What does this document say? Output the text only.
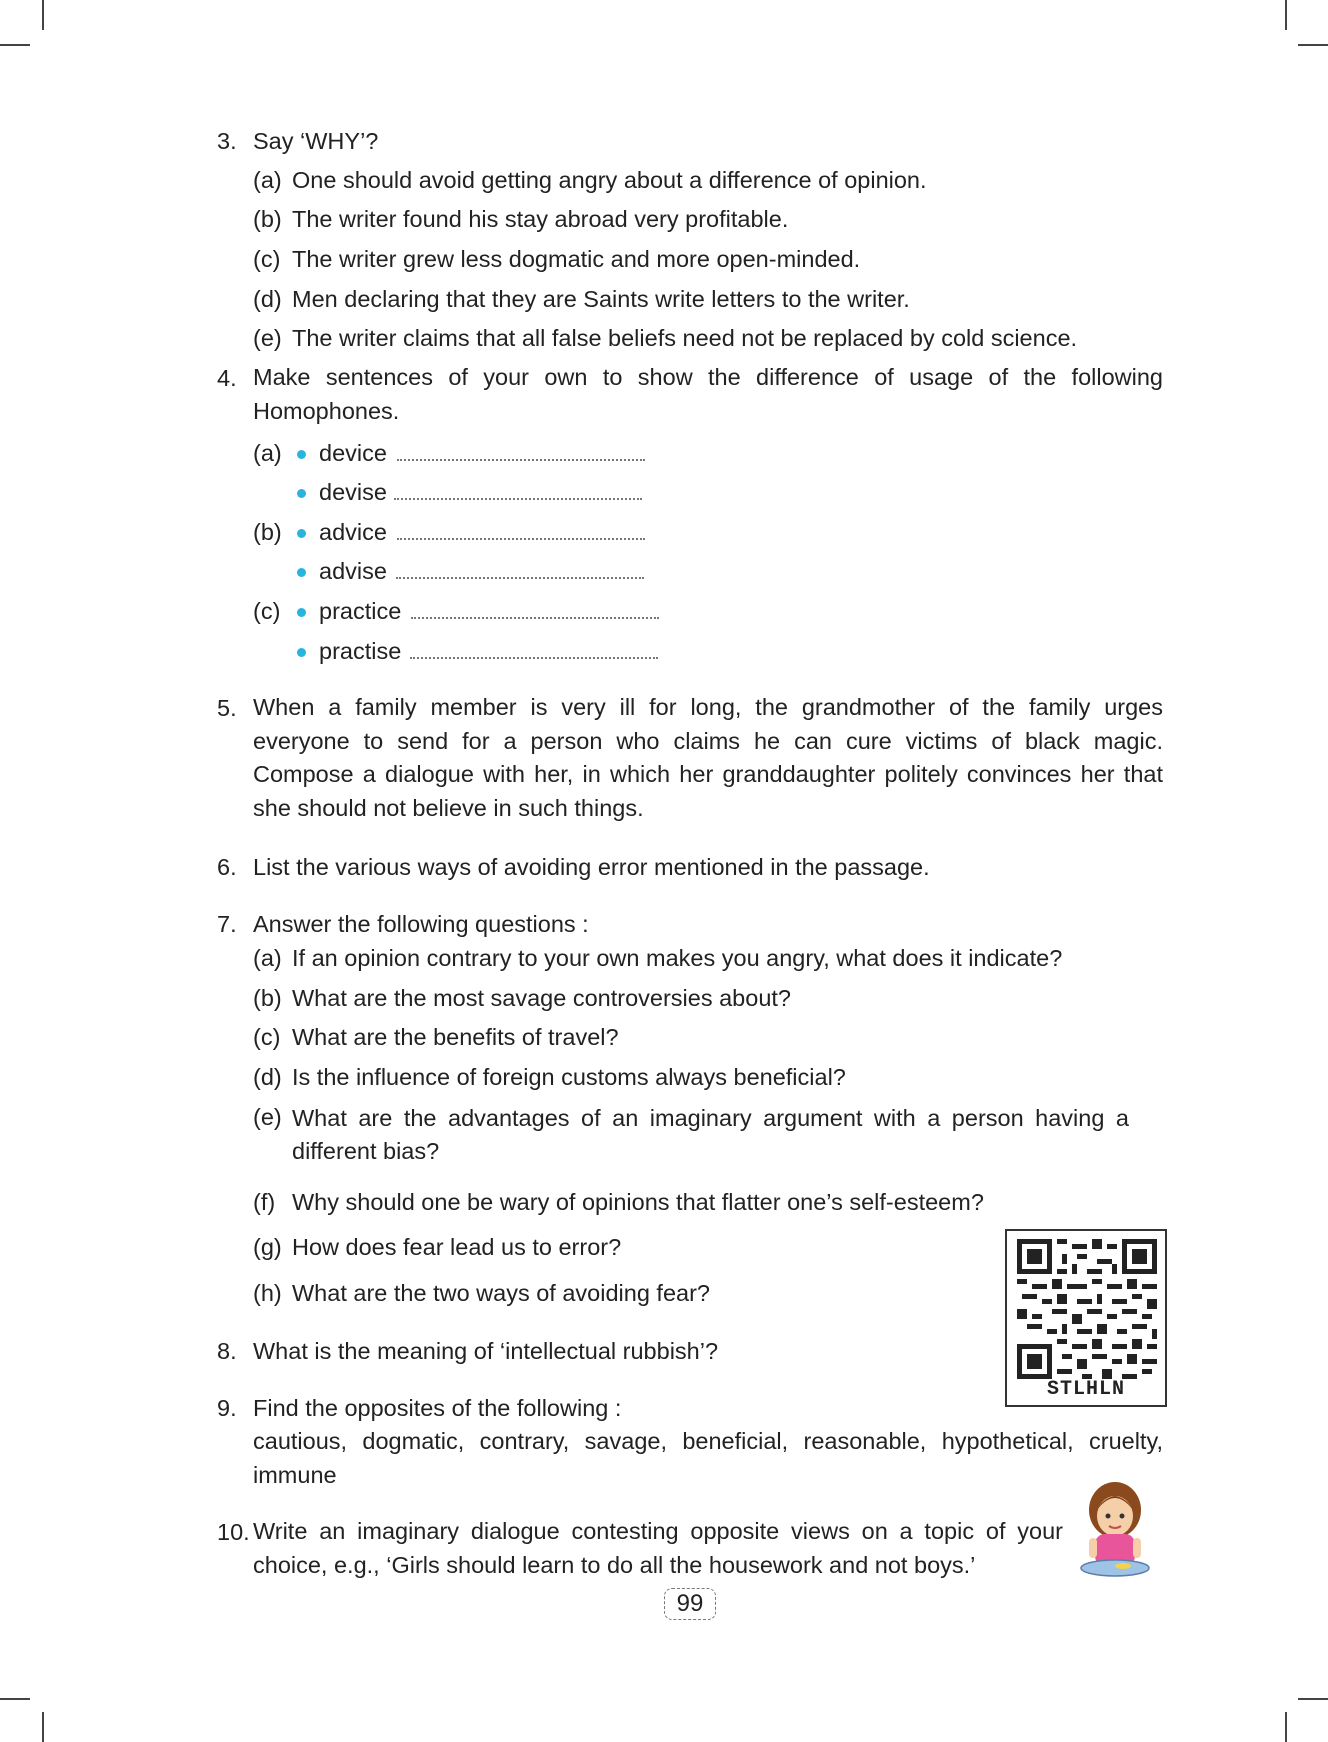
3. Say ‘WHY’?
(a) One should avoid getting angry about a difference of opinion.
(b) The writer found his stay abroad very profitable.
(c) The writer grew less dogmatic and more open-minded.
(d) Men declaring that they are Saints write letters to the writer.
(e) The writer claims that all false beliefs need not be replaced by cold science.
4. Make sentences of your own to show the difference of usage of the following Homophones.
(a) device
devise
(b) advice
advise
(c) practice
practise
5. When a family member is very ill for long, the grandmother of the family urges everyone to send for a person who claims he can cure victims of black magic. Compose a dialogue with her, in which her granddaughter politely convinces her that she should not believe in such things.
6. List the various ways of avoiding error mentioned in the passage.
7. Answer the following questions :
(a) If an opinion contrary to your own makes you angry, what does it indicate?
(b) What are the most savage controversies about?
(c) What are the benefits of travel?
(d) Is the influence of foreign customs always beneficial?
(e) What are the advantages of an imaginary argument with a person having a different bias?
(f) Why should one be wary of opinions that flatter one’s self-esteem?
(g) How does fear lead us to error?
(h) What are the two ways of avoiding fear?
8. What is the meaning of ‘intellectual rubbish’?
9. Find the opposites of the following :
cautious, dogmatic, contrary, savage, beneficial, reasonable, hypothetical, cruelty, immune
10. Write an imaginary dialogue contesting opposite views on a topic of your choice, e.g., ‘Girls should learn to do all the housework and not boys.’
STLHLN
99
